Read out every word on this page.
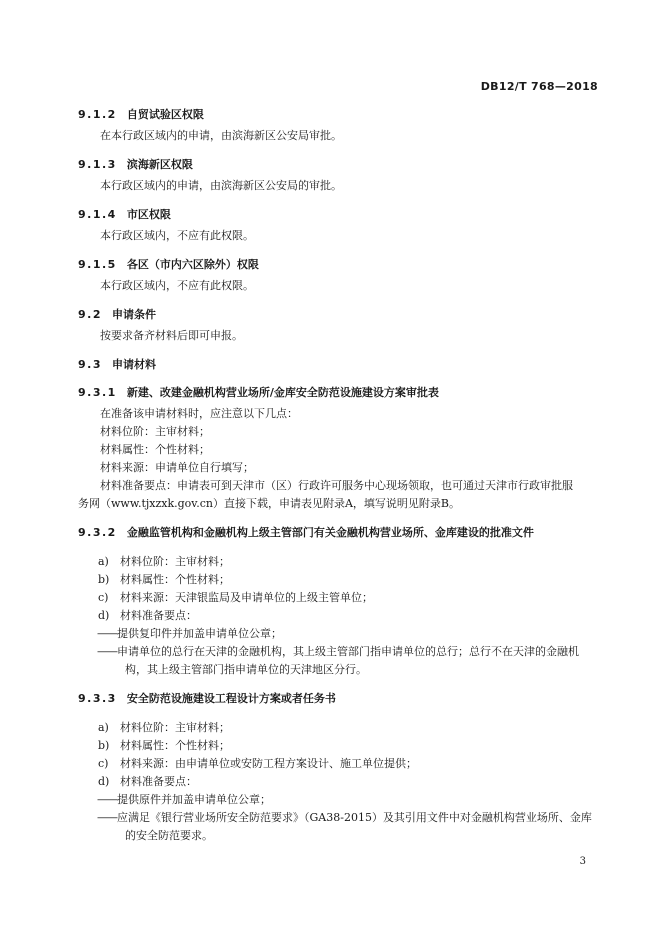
DB12/T 768—2018

9.1.2 自贸试验区权限

在本行政区域内的申请，由滨海新区公安局审批。

9.1.3 滨海新区权限

本行政区域内的申请，由滨海新区公安局的审批。

9.1.4 市区权限

本行政区域内，不应有此权限。

9.1.5 各区（市内六区除外）权限

本行政区域内，不应有此权限。

9.2 申请条件

按要求备齐材料后即可申报。

9.3 申请材料

9.3.1 新建、改建金融机构营业场所/金库安全防范设施建设方案审批表

在准备该申请材料时，应注意以下几点：

材料位阶：主审材料；

材料属性：个性材料；

材料来源：申请单位自行填写；

材料准备要点：申请表可到天津市（区）行政许可服务中心现场领取，也可通过天津市行政审批服

务网（www.tjxzxk.gov.cn）直接下载，申请表见附录A，填写说明见附录B。

9.3.2 金融监管机构和金融机构上级主管部门有关金融机构营业场所、金库建设的批准文件

a)	材料位阶：主审材料；
b) 材料属性：个性材料；
c)	材料来源：天津银监局及申请单位的上级主管单位；
d) 材料准备要点：

——提供复印件并加盖申请单位公章；

——申请单位的总行在天津的金融机构，其上级主管部门指申请单位的总行；总行不在天津的金融机构，其上级主管部门指申请单位的天津地区分行。

9.3.3 安全防范设施建设工程设计方案或者任务书

a)	材料位阶：主审材料；
b) 材料属性：个性材料；
c)	材料来源：由申请单位或安防工程方案设计、施工单位提供；
d) 材料准备要点：

——提供原件并加盖申请单位公章；

——应满足《银行营业场所安全防范要求》（GA38-2015）及其引用文件中对金融机构营业场所、金库的安全防范要求。

3
